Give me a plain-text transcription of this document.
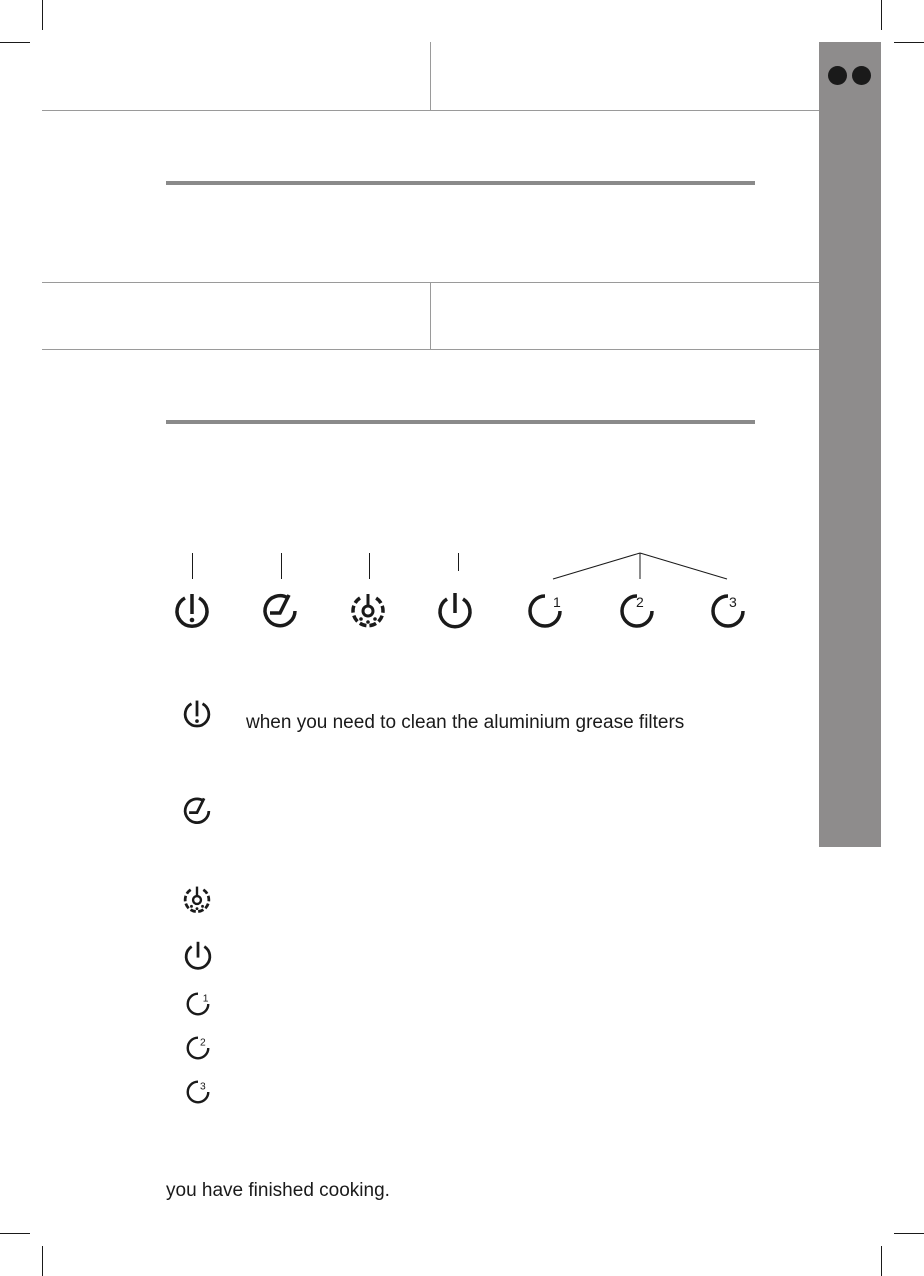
1	2	3
when you need to clean the aluminium grease filters
1
2
3
you have finished cooking.
